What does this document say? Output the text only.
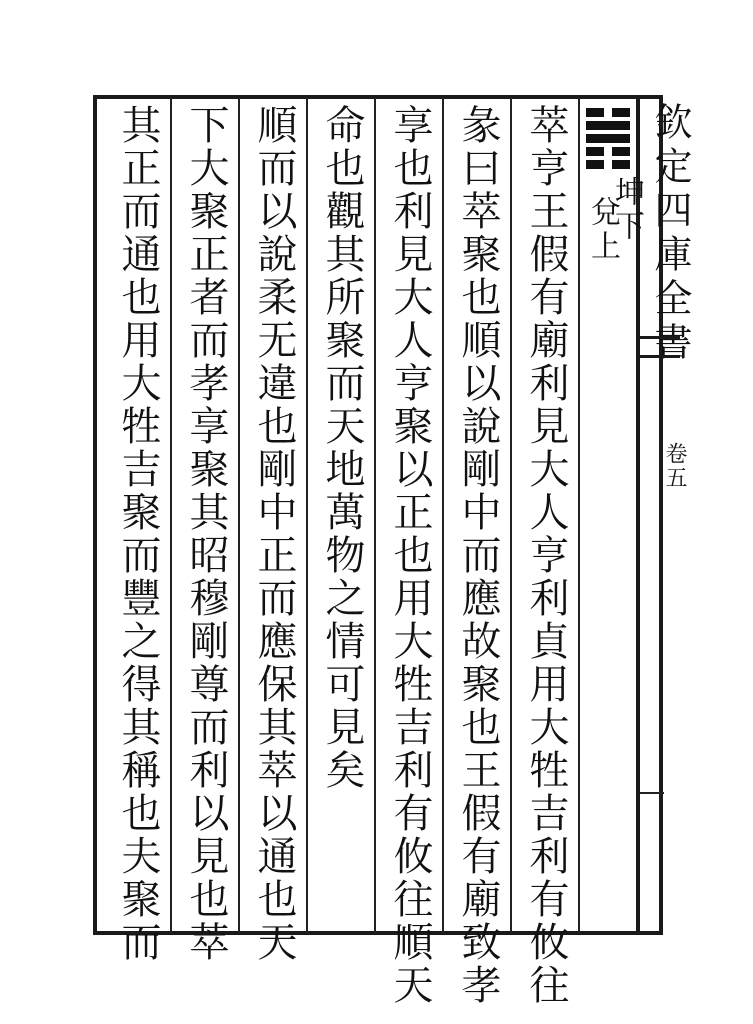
坤下
兌上
萃亨王假有廟利見大人亨利貞用大牲吉利有攸往
彖曰萃聚也順以說剛中而應故聚也王假有廟致孝
享也利見大人亨聚以正也用大牲吉利有攸往順天
命也觀其所聚而天地萬物之情可見矣
順而以說柔无違也剛中正而應保其萃以通也天
下大聚正者而孝享聚其昭穆剛尊而利以見也萃
其正而通也用大牲吉聚而豐之得其稱也夫聚而	欽定四庫全書
卷五
